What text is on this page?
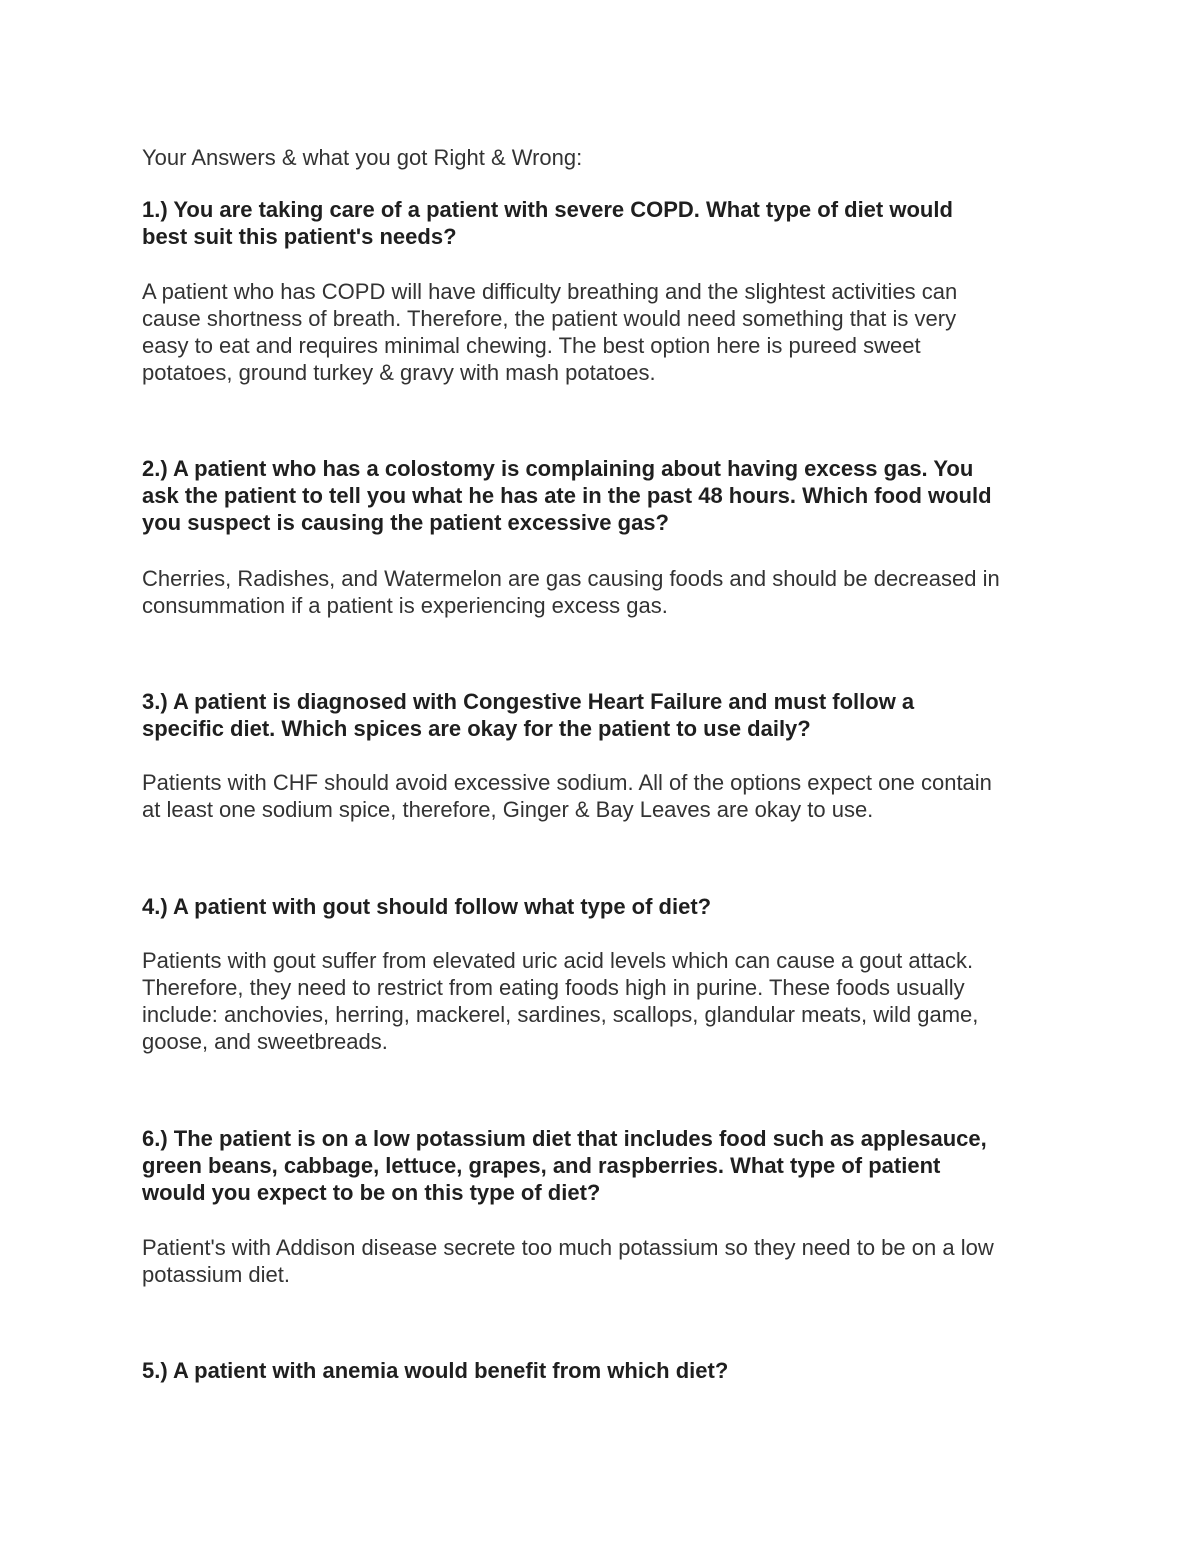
Your Answers & what you got Right & Wrong:
1.) You are taking care of a patient with severe COPD. What type of diet would
best suit this patient's needs?
A patient who has COPD will have difficulty breathing and the slightest activities can
cause shortness of breath. Therefore, the patient would need something that is very
easy to eat and requires minimal chewing. The best option here is pureed sweet
potatoes, ground turkey & gravy with mash potatoes.
2.) A patient who has a colostomy is complaining about having excess gas. You
ask the patient to tell you what he has ate in the past 48 hours. Which food would
you suspect is causing the patient excessive gas?
Cherries, Radishes, and Watermelon are gas causing foods and should be decreased in
consummation if a patient is experiencing excess gas.
3.) A patient is diagnosed with Congestive Heart Failure and must follow a
specific diet. Which spices are okay for the patient to use daily?
Patients with CHF should avoid excessive sodium. All of the options expect one contain
at least one sodium spice, therefore, Ginger & Bay Leaves are okay to use.
4.) A patient with gout should follow what type of diet?
Patients with gout suffer from elevated uric acid levels which can cause a gout attack.
Therefore, they need to restrict from eating foods high in purine. These foods usually
include: anchovies, herring, mackerel, sardines, scallops, glandular meats, wild game,
goose, and sweetbreads.
6.) The patient is on a low potassium diet that includes food such as applesauce,
green beans, cabbage, lettuce, grapes, and raspberries. What type of patient
would you expect to be on this type of diet?
Patient's with Addison disease secrete too much potassium so they need to be on a low
potassium diet.
5.) A patient with anemia would benefit from which diet?
